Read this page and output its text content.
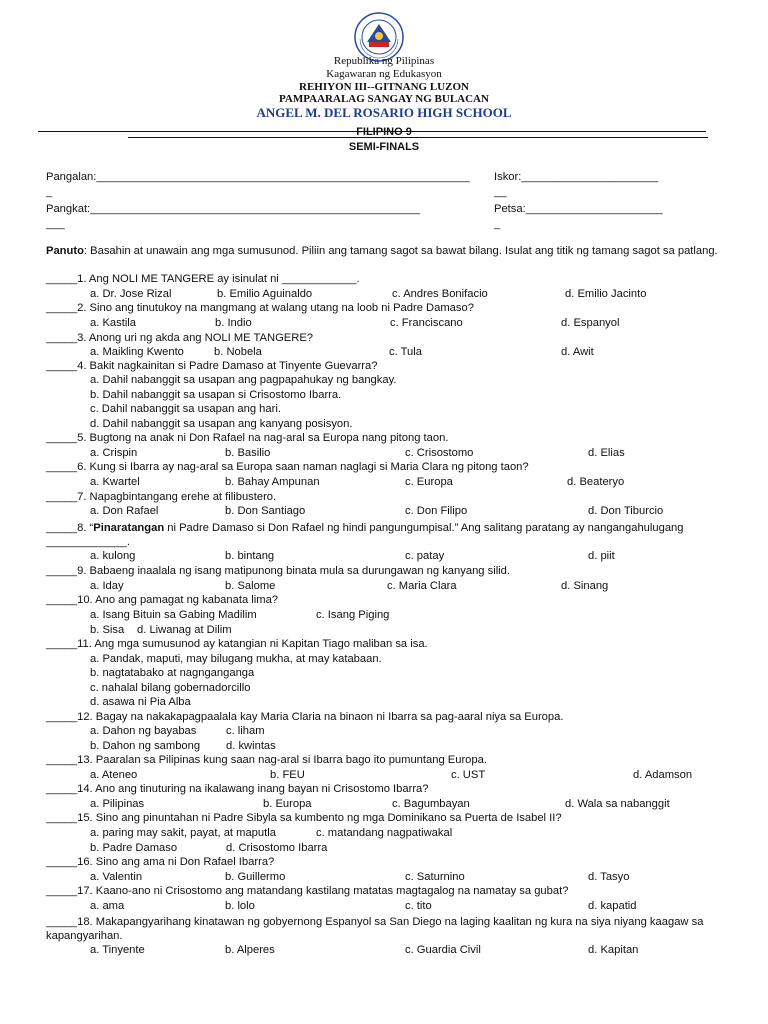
Republika ng Pilipinas
Kagawaran ng Edukasyon
REHIYON III--GITNANG LUZON
PAMPAARALAG SANGAY NG BULACAN
ANGEL M. DEL ROSARIO HIGH SCHOOL
FILIPINO 9
SEMI-FINALS
Pangalan:____________________________________________________________ Iskor:______________________
_	__
Pangkat:_____________________________________________________	Petsa:______________________
___	_
Panuto: Basahin at unawain ang mga sumusunod. Piliin ang tamang sagot sa bawat bilang. Isulat ang titik ng tamang sagot sa patlang.
_____1. Ang NOLI ME TANGERE ay isinulat ni ____________.
a. Dr. Jose Rizal	b. Emilio Aguinaldo	c. Andres Bonifacio	d. Emilio Jacinto
_____2. Sino ang tinutukoy na mangmang at walang utang na loob ni Padre Damaso?
a. Kastila	b. Indio	c. Franciscano	d. Espanyol
_____3. Anong uri ng akda ang NOLI ME TANGERE?
a. Maikling Kwento	b. Nobela	c. Tula	d. Awit
_____4. Bakit nagkainitan si Padre Damaso at Tinyente Guevarra?
a. Dahil nabanggit sa usapan ang pagpapahukay ng bangkay.
b. Dahil nabanggit sa usapan si Crisostomo Ibarra.
c. Dahil nabanggit sa usapan ang hari.
d. Dahil nabanggit sa usapan ang kanyang posisyon.
_____5. Bugtong na anak ni Don Rafael na nag-aral sa Europa nang pitong taon.
a. Crispin	b. Basilio	c. Crisostomo	d. Elias
_____6. Kung si Ibarra ay nag-aral sa Europa saan naman naglagi si Maria Clara ng pitong taon?
a. Kwartel	b. Bahay Ampunan	c. Europa	d. Beateryo
_____7. Napagbintangang erehe at filibustero.
a. Don Rafael	b. Don Santiago	c. Don Filipo	d. Don Tiburcio
_____8. “Pinaratangan ni Padre Damaso si Don Rafael ng hindi pangungumpisal.” Ang salitang paratang ay nangangahulugang _____________.
a. kulong	b. bintang	c. patay	d. piit
_____9. Babaeng inaalala ng isang matipunong binata mula sa durungawan ng kanyang silid.
a. Iday	b. Salome	c. Maria Clara	d. Sinang
_____10. Ano ang pamagat ng kabanata lima?
a. Isang Bituin sa Gabing Madilim	c. Isang Piging
b. Sisa d. Liwanag at Dilim
_____11. Ang mga sumusunod ay katangian ni Kapitan Tiago maliban sa isa.
a. Pandak, maputi, may bilugang mukha, at may katabaan.
b. nagtatabako at nagnganganga
c. nahalal bilang gobernadorcillo
d. asawa ni Pia Alba
_____12. Bagay na nakakapagpaalala kay Maria Claria na binaon ni Ibarra sa pag-aaral niya sa Europa.
a. Dahon ng bayabas	c. liham
b. Dahon ng sambong d. kwintas
_____13. Paaralan sa Pilipinas kung saan nag-aral si Ibarra bago ito pumuntang Europa.
a. Ateneo	b. FEU	c. UST	d. Adamson
_____14. Ano ang tinuturing na ikalawang inang bayan ni Crisostomo Ibarra?
a. Pilipinas	b. Europa	c. Bagumbayan	d. Wala sa nabanggit
_____15. Sino ang pinuntahan ni Padre Sibyla sa kumbento ng mga Dominikano sa Puerta de Isabel II?
a. paring may sakit, payat, at maputla	c. matandang nagpatiwakal
b. Padre Damaso	d. Crisostomo Ibarra
_____16. Sino ang ama ni Don Rafael Ibarra?
a. Valentin	b. Guillermo	c. Saturnino	d. Tasyo
_____17. Kaano-ano ni Crisostomo ang matandang kastilang matatas magtagalog na namatay sa gubat?
a. ama	b. lolo	c. tito	d. kapatid
_____18. Makapangyarihang kinatawan ng gobyernong Espanyol sa San Diego na laging kaalitan ng kura na siya niyang kaagaw sa kapangyarihan.
a. Tinyente	b. Alperes	c. Guardia Civil	d. Kapitan
